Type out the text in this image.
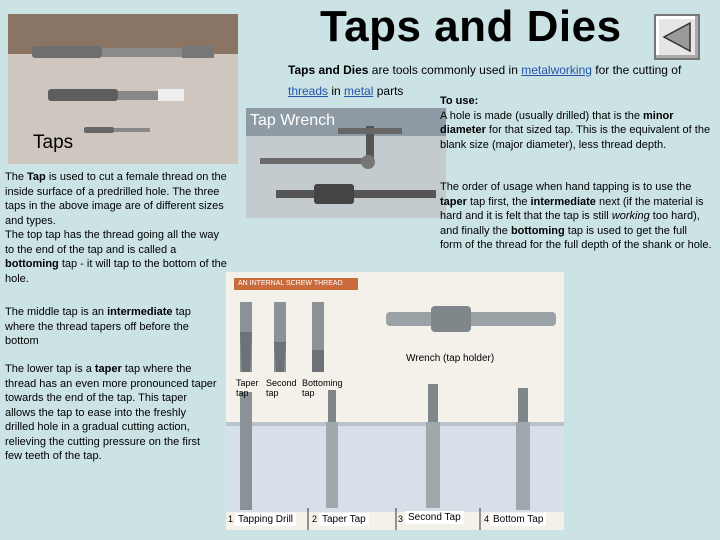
Taps and Dies
Taps
Taps and Dies are tools commonly used in metalworking for the cutting of
threads in metal parts
Tap Wrench
To use:
A hole is made (usually drilled) that is the minor diameter for that sized tap. This is the equivalent of the blank size (major diameter), less thread depth.
The order of usage when hand tapping is to use the taper tap first, the intermediate next (if the material is hard and it is felt that the tap is still working too hard), and finally the bottoming tap is used to get the full form of the thread for the full depth of the shank or hole.
The Tap is used to cut a female thread on the inside surface of a predrilled hole. The three taps in the above image are of different sizes and types.
The top tap has the thread going all the way to the end of the tap and is called a bottoming tap - it will tap to the bottom of the hole.
The middle tap is an intermediate tap where the thread tapers off before the bottom
The lower tap is a taper tap where the thread has an even more pronounced taper towards the end of the tap. This taper allows the tap to ease into the freshly drilled hole in a gradual cutting action, relieving the cutting pressure on the first few teeth of the tap.
AN INTERNAL SCREW THREAD
Wrench (tap holder)
Taper tap
Second tap
Bottoming tap
1 Tapping Drill	2 Taper Tap	3 Second Tap	4 Bottom Tap
